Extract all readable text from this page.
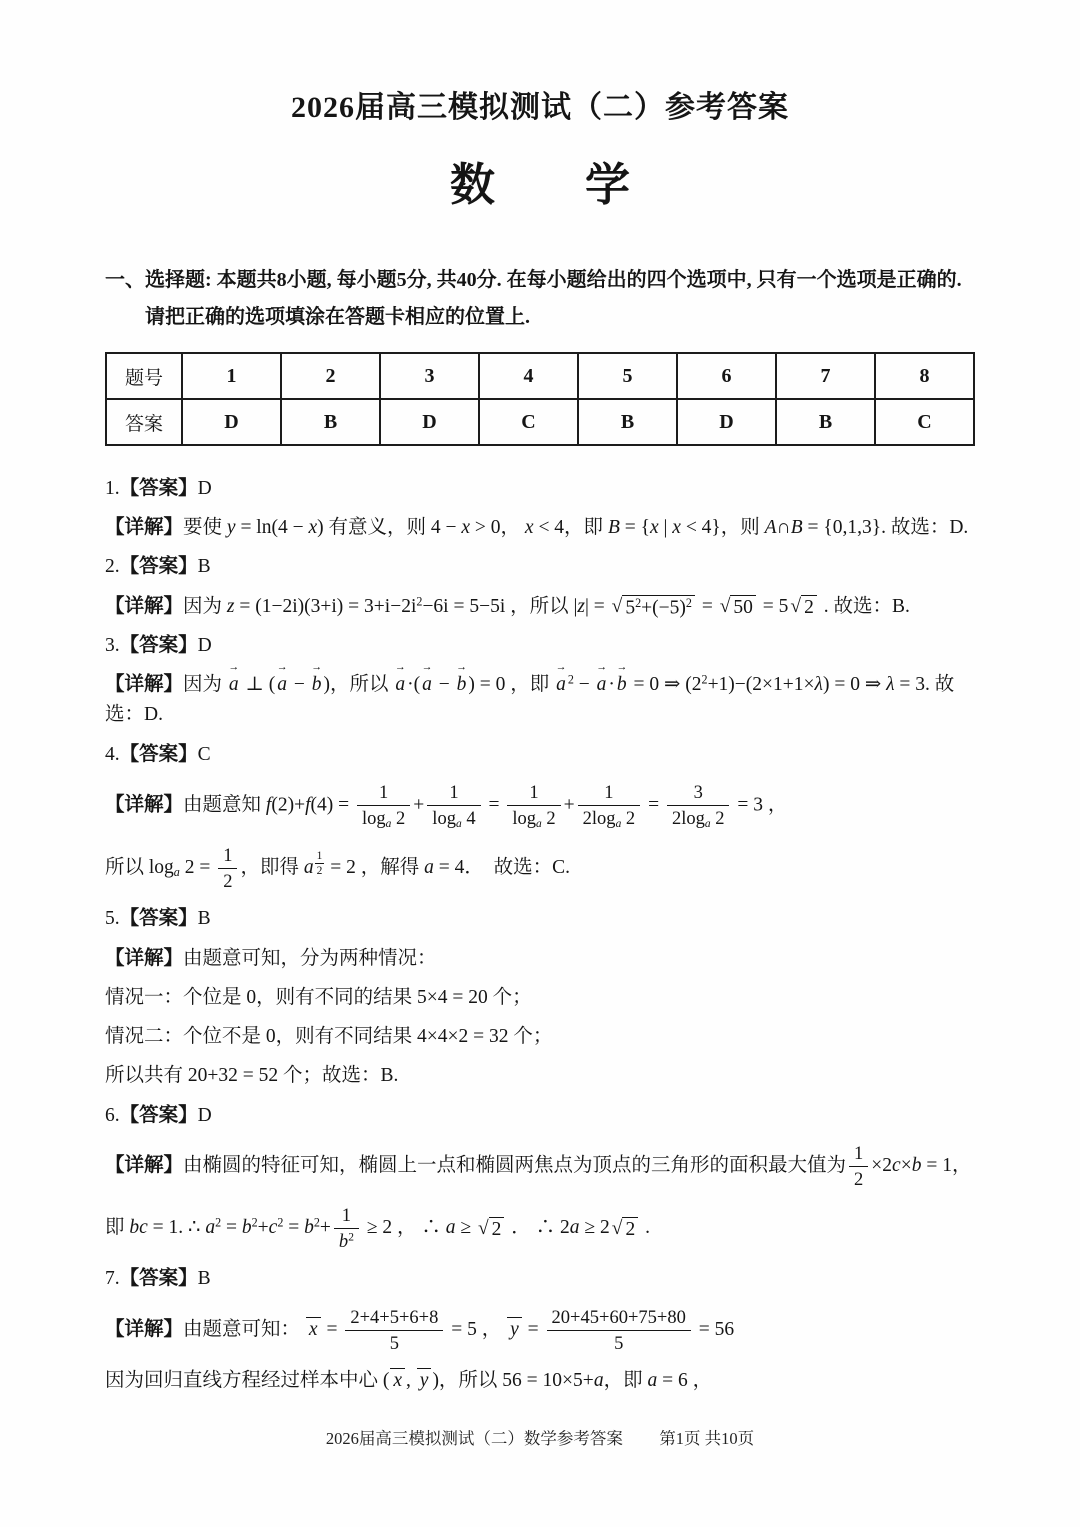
2026届高三模拟测试（二）参考答案
数　　学

一、选择题: 本题共8小题, 每小题5分, 共40分. 在每小题给出的四个选项中, 只有一个选项是正确的. 请把正确的选项填涂在答题卡相应的位置上.

题号	1	2	3	4	5	6	7	8
答案	D	B	D	C	B	D	B	C

1.【答案】D

【详解】要使 y = ln(4 − x) 有意义，则 4 − x > 0， x < 4，即 B = {x | x < 4}，则 A∩B = {0,1,3}. 故选：D.

2.【答案】B

【详解】因为 $z = (1-2i)(3+i) = 3+i-2i^2-6i = 5-5i$ ，所以 |z| = √ $5^2+(-5)^2$ = √ 50 = 5 √ 2 . 故选：B.

3.【答案】D

【详解】因为
→
a ⊥ (
→
a −
→
b )，所以
→
a ·(
→
a −
→
b ) = 0 ，即
→
a $^2$ −
→
a ·
→
b = 0 ⇒ $(2^2+1)-(2\times 1+1\times\lambda) = 0$ ⇒ λ = 3. 故选：D.

4.【答案】C

【详解】由题意知 $f(2)+f(4) = \frac{1}{\log a 2} + \frac{1}{\log a 4} = \frac{1}{\log a 2} + \frac{1}{2\log a 2} = \frac{3}{2\log a 2} = 3$ ，

所以 loga $2 = \frac{1}{2}$ ，即得 a $^{\frac{1}{2}}$ = 2 ，解得 a = 4．　故选：C.

5.【答案】B

【详解】由题意可知，分为两种情况：

情况一：个位是 0，则有不同的结果 5×4 = 20 个；

情况二：个位不是 0，则有不同结果 4×4×2 = 32 个；

所以共有 20+32 = 52 个；故选：B.

6.【答案】D

【详解】由椭圆的特征可知，椭圆上一点和椭圆两焦点为顶点的三角形的面积最大值为 $\frac{1}{2} \times 2c\times b = 1$，

即 bc = 1. ∴ $a^2 = b^2+c^2 = b^2+ \frac{1}{b^2} \ge 2$ ， ∴ a ≥ √ 2 ． ∴ 2a ≥ 2 √ 2 .

7.【答案】B

【详解】由题意可知： $x = \frac{2+4+5+6+8}{5} = 5$ ， $y = \frac{20+45+60+75+80}{5} = 56$

因为回归直线方程经过样本中心 ( x , y )，所以 56 = 10×5+a，即 a = 6 ，

2026届高三模拟测试（二）数学参考答案 第1页 共10页
